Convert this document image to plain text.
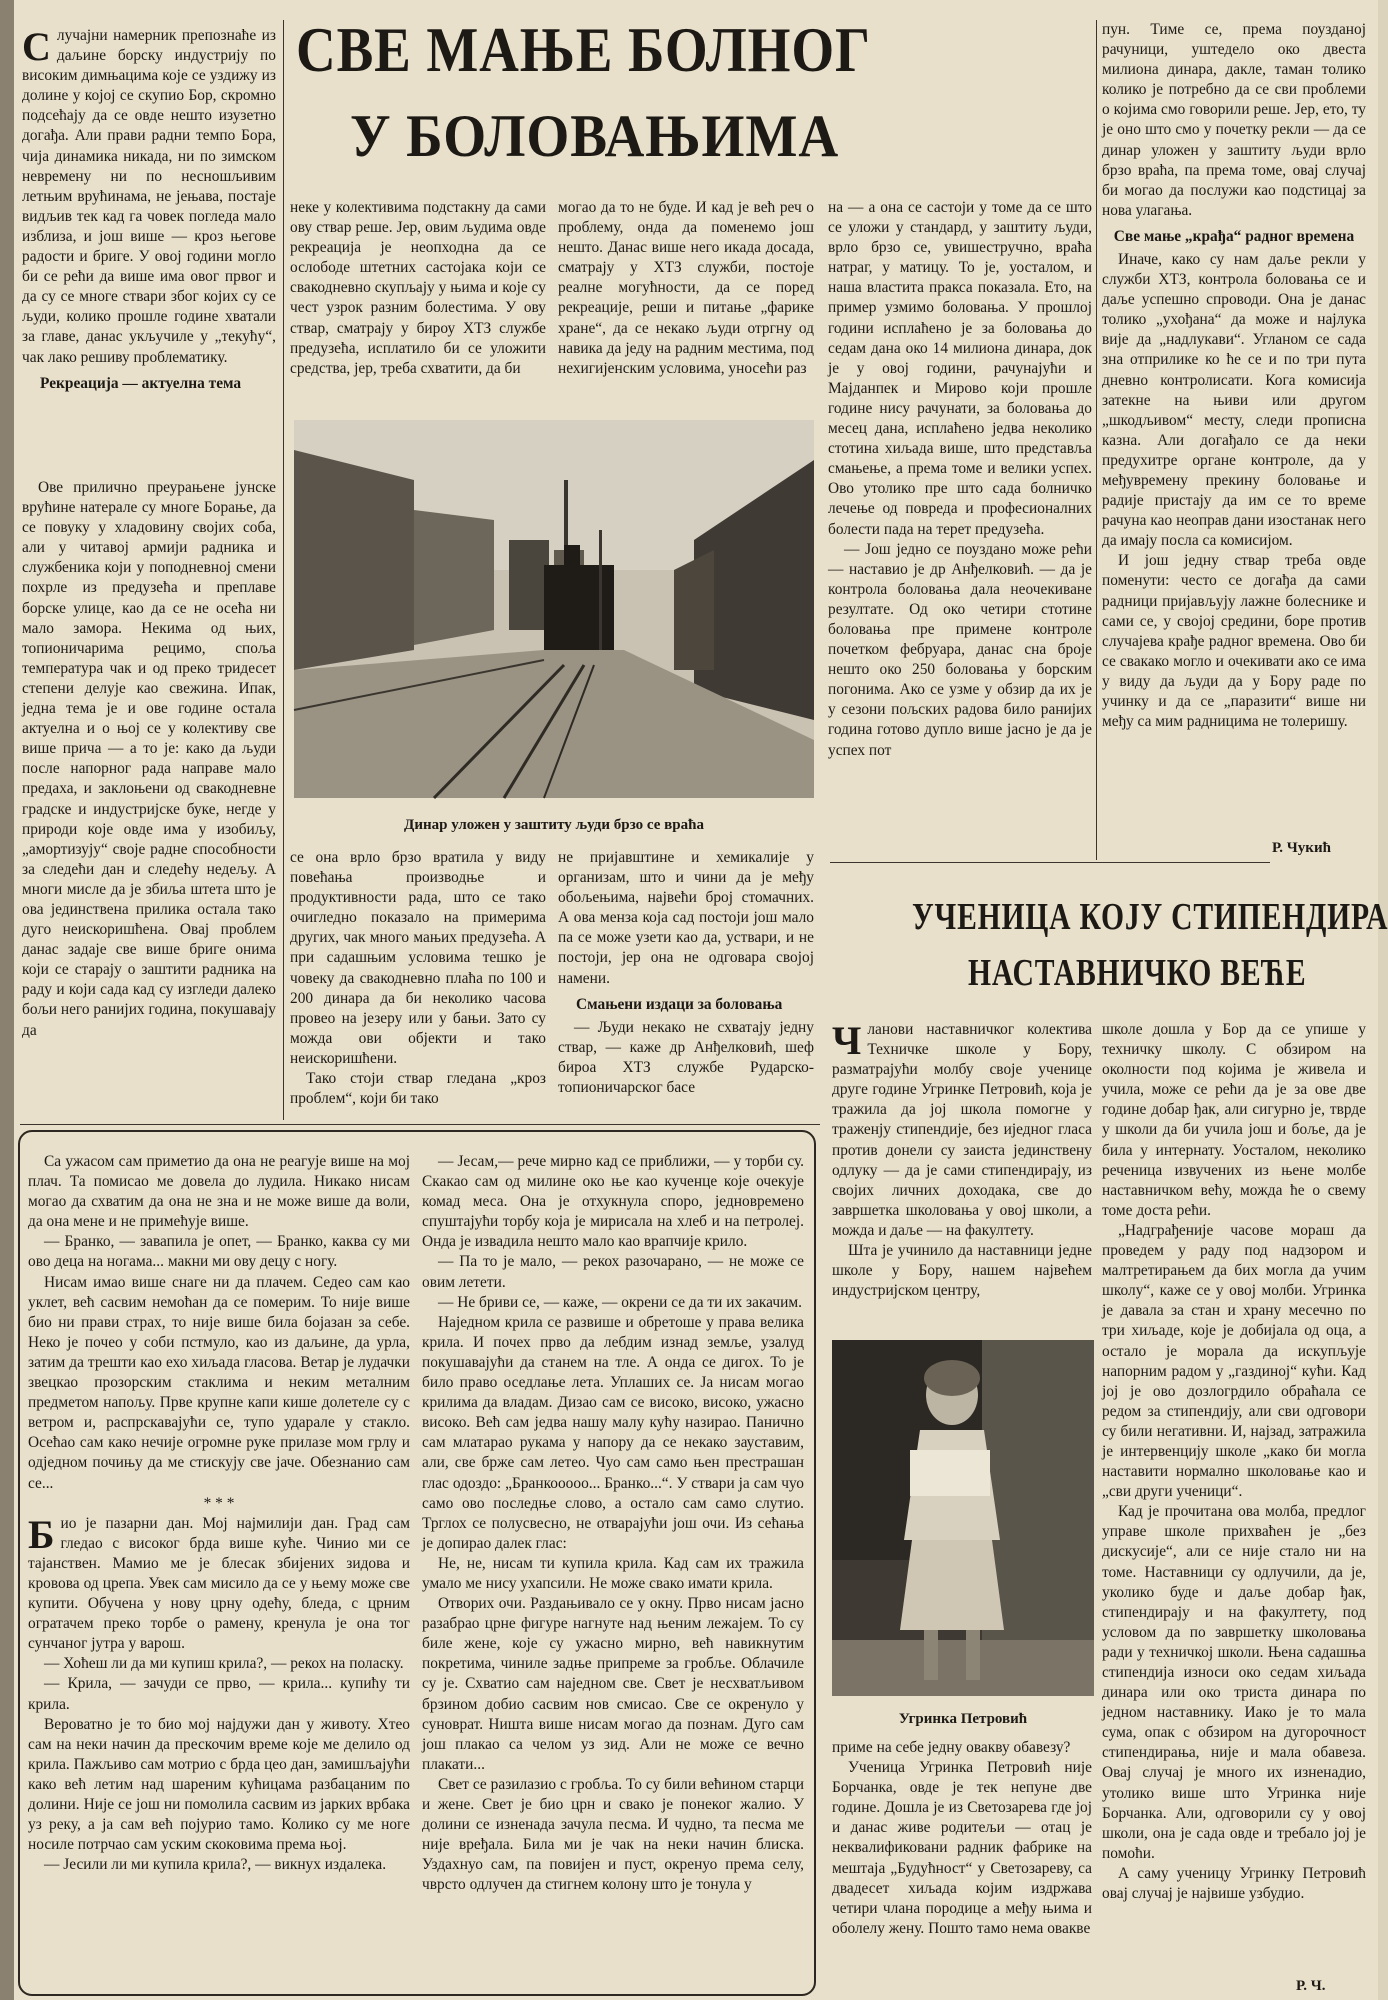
С лучајни намерник препознаће из даљине борску индустрију по високим димњацима које се уздижу из долине у којој се скупио Бор, скромно подсећају да се овде нешто изузетно догађа. Али прави радни темпо Бора, чија динамика никада, ни по зимском невремену ни по несношљивим летњим врућинама, не јењава, постаје видљив тек кад га човек погледа мало изблиза, и још више — кроз његове радости и бриге. У овој години могло би се рећи да више има овог првог и да су се многе ствари због којих су се људи, колико прошле године хватали за главе, данас укључиле у „текућу“, чак лако решиву проблематику.
Рекреација — актуелна тема

Ове прилично преурањене јунске врућине натерале су многе Борање, да се повуку у хладовину својих соба, али у читавој армији радника и службеника који у поподневној смени похрле из предузећа и преплаве борске улице, као да се не осећа ни мало замора. Некима од њих, топионичарима рецимо, споља температура чак и од преко тридесет степени делује као свежина. Ипак, једна тема је и ове године остала актуелна и о њој се у колективу све више прича — а то је: како да људи после напорног рада направе мало предаха, и заклоњени од свакодневне градске и индустријске буке, негде у природи које овде има у изобиљу, „амортизују“ своје радне способности за следећи дан и следећу недељу. А многи мисле да је збиља штета што је ова јединствена прилика остала тако дуго неискоришћена. Овај проблем данас задаје све више бриге онима који се старају о заштити радника на раду и који сада кад су изгледи далеко бољи него ранијих година, покушавају да

СВЕ МАЊЕ БОЛНОГ
У БОЛОВАЊИМА

неке у колективима подстакну да сами ову ствар реше. Јер, овим људима овде рекреација је неопходна да се ослободе штетних састојака који се свакодневно скупљају у њима и које су чест узрок разним болестима. У ову ствар, сматрају у бироу ХТЗ службе предузећа, исплатило би се уложити средства, јер, треба схватити, да би

могао да то не буде. И кад је већ реч о проблему, онда да поменемо још нешто. Данас више него икада досада, сматрају у ХТЗ служби, постоје реалне могућности, да се поред рекреације, реши и питање „фарике хране“, да се некако људи отргну од навика да једу на радним местима, под нехигијенским условима, уносећи раз

на — а она се састоји у томе да се што се уложи у стандард, у заштиту људи, врло брзо се, увишестручно, враћа натраг, у матицу. То је, уосталом, и наша властита пракса показала. Ето, на пример узмимо боловања. У прошлој години исплаћено је за боловања до седам дана око 14 милиона динара, док је у овој години, рачунајући и Мајданпек и Мирово који прошле године нису рачунати, за боловања до месец дана, исплаћено једва неколико стотина хиљада више, што представља смањење, а према томе и велики успех. Ово утолико пре што сада болничко лечење од повреда и професионалних болести пада на терет предузећа.

— Још једно се поуздано може рећи — наставио је др Анђелковић. — да је контрола боловања дала неочекиване резултате. Од око четири стотине боловања пре примене контроле почетком фебруара, данас сна броје нешто око 250 боловања у борским погонима. Ако се узме у обзир да их је у сезони пољских радова било ранијих година готово дупло више јасно је да је успех пот

пун. Тиме се, према поузданој рачуници, уштедело око двеста милиона динара, дакле, таман толико колико је потребно да се сви проблеми о којима смо говорили реше. Јер, ето, ту је оно што смо у почетку рекли — да се динар уложен у заштиту људи врло брзо враћа, па према томе, овај случај би могао да послужи као подстицај за нова улагања.

Све мање „крађа“ радног времена

Иначе, како су нам даље рекли у служби ХТЗ, контрола боловања се и даље успешно спроводи. Она је данас толико „ухођана“ да може и најлука вије да „надлукави“. Угланом се сада зна отприлике ко ће се и по три пута дневно контролисати. Кога комисија затекне на њиви или другом „шкодљивом“ месту, следи прописна казна. Али догађало се да неки предухитре органе контроле, да у међувремену прекину боловање и радије пристају да им се то време рачуна као неоправ дани изостанак него да имају посла са комисијом.

И још једну ствар треба овде поменути: често се догађа да сами радници пријављују лажне болеснике и сами се, у својој средини, боре против случајева крађе радног времена. Ово би се свакако могло и очекивати ако се има у виду да људи да у Бору раде по учинку и да се „паразити“ више ни међу са мим радницима не толеришу.

Р. Чукић
Динар уложен у заштиту људи брзо се враћа

се она врло брзо вратила у виду повећања производње и продуктивности рада, што се тако очигледно показало на примерима других, чак много мањих предузећа. А при садашњим условима тешко је човеку да свакодневно плаћа по 100 и 200 динара да би неколико часова провео на језеру или у бањи. Зато су можда ови објекти и тако неискоришћени.

Тако стоји ствар гледана „кроз проблем“, који би тако

не пријавштине и хемикалије у организам, што и чини да је међу обољењима, највећи број стомачних. А ова менза која сад постоји још мало па се може узети као да, уствари, и не постоји, јер она не одговара својој намени.

Смањени издаци за боловања

— Људи некако не схватају једну ствар, — каже др Анђелковић, шеф бироа ХТЗ службе Рударско-топионичарског басе

УЧЕНИЦА КОЈУ СТИПЕНДИРА
НАСТАВНИЧКО ВЕЋЕ
Ч ланови наставничког колектива Техничке школе у Бору, разматрајући молбу своје ученице друге године Угринке Петровић, која је тражила да јој школа помогне у траженју стипендије, без иједног гласа против донели су заиста јединствену одлуку — да је сами стипендирају, из својих личних доходака, све до завршетка школовања у овој школи, а можда и даље — на факултету.

Шта је учинило да наставници једне школе у Бору, нашем највећем индустријском центру,

Угринка Петровић

приме на себе једну овакву обавезу?

Ученица Угринка Петровић није Борчанка, овде је тек непуне две године. Дошла је из Светозарева где јој и данас живе родитељи — отац је неквалификовани радник фабрике на мештаја „Будућност“ у Светозареву, са двадесет хиљада којим издржава четири члана породице а међу њима и оболелу жену. Пошто тамо нема овакве

школе дошла у Бор да се упише у техничку школу. С обзиром на околности под којима је живела и учила, може се рећи да је за ове две године добар ђак, али сигурно је, тврде у школи да би учила још и боље, да је била у интернату. Уосталом, неколико реченица извучених из њене молбе наставничком већу, можда ће о свему томе доста рећи.

„Надграђеније часове мораш да проведем у раду под надзором и малтретирањем да бих могла да учим школу“, каже се у овој молби. Угринка је давала за стан и храну месечно по три хиљаде, које је добијала од оца, а остало је морала да искупљује напорним радом у „газдиној“ кући. Кад јој је ово дозлогрдило обраћала се редом за стипендију, али сви одговори су били негативни. И, најзад, затражила је интервенцију школе „како би могла наставити нормално школовање као и „сви други ученици“.

Кад је прочитана ова молба, предлог управе школе прихваћен је „без дискусије“, али се није стало ни на томе. Наставници су одлучили, да је, уколико буде и даље добар ђак, стипендирају и на факултету, под условом да по завршетку школовања ради у техничкој школи. Њена садашња стипендија износи око седам хиљада динара или око триста динара по једном наставнику. Иако је то мала сума, опак с обзиром на дугорочност стипендирања, није и мала обавеза. Овај случај је много их изненадио, утолико више што Угринка није Борчанка. Али, одговорили су у овој школи, она је сада овде и требало јој је помоћи.

А саму ученицу Угринку Петровић овај случај је највише узбудио.

Р. Ч.

Са ужасом сам приметио да она не реагује више на мој плач. Та помисао ме довела до лудила. Никако нисам могао да схватим да она не зна и не може више да воли, да она мене и не примећује више.

— Бранко, — завапила је опет, — Бранко, каква су ми ово деца на ногама... макни ми ову децу с ногу.

Нисам имао више снаге ни да плачем. Седео сам као уклет, већ сасвим немоћан да се померим. То није више био ни прави страх, то није више била бојазан за себе. Неко је почео у соби пстмуло, као из даљине, да урла, затим да трешти као ехо хиљада гласова. Ветар је лудачки звецкао прозорским стаклима и неким металним предметом напољу. Прве крупне капи кише долетеле су с ветром и, распрскавајући се, тупо ударале у стакло. Осећао сам како нечије огромне руке прилазе мом грлу и одједном почињу да ме стискују све јаче. Обезнанио сам се...

* * *

Био је пазарни дан. Мој најмилији дан. Град сам гледао с високог брда више куће. Чинио ми се тајанствен. Мамио ме је блесак збијених зидова и кровова од црепа. Увек сам мисило да се у њему може све купити. Обучена у нову црну одећу, бледа, с црним огратачем преко торбе о рамену, кренула је она тог сунчаног јутра у варош.

— Хоћеш ли да ми купиш крила?, — рекох на поласку.

— Крила, — зачуди се прво, — крила... купићу ти крила.

Вероватно је то био мој најдужи дан у животу. Хтео сам на неки начин да прескочим време које ме делило од крила. Пажљиво сам мотрио с брда цео дан, замишљајући како већ летим над шареним кућицама разбацаним по долини. Није се још ни помолила сасвим из јарких врбака уз реку, а ја сам већ појурио тамо. Колико су ме ноге носиле потрчао сам уским скоковима према њој.

— Јесили ли ми купила крила?, — викнух издалека.

— Јесам,— рече мирно кад се приближи, — у торби су. Скакао сам од милине око ње као кученце које очекује комад меса. Она је отхукнула споро, једновремено спуштајући торбу која је мирисала на хлеб и на петролеј. Онда је извадила нешто мало као врапчије крило.

— Па то је мало, — рекох разочарано, — не може се овим летети.

— Не бриви се, — каже, — окрени се да ти их закачим.

Наједном крила се развише и обретоше у права велика крила. И почех прво да лебдим изнад земље, узалуд покушавајући да станем на тле. А онда се дигох. То је било право оседлање лета. Уплаших се. Ја нисам могао крилима да владам. Дизао сам се високо, високо, ужасно високо. Већ сам једва нашу малу кућу назирао. Панично сам млатарао рукама у напору да се некако зауставим, али, све брже сам летео. Чуо сам само њен престрашан глас одоздо: „Бранкооооо... Бранко...“. У ствари ја сам чуо само ово последње слово, а остало сам само слутио. Трглох се полусвесно, не отварајући још очи. Из сећања је допирао далек глас:

Не, не, нисам ти купила крила. Кад сам их тражила умало ме нису ухапсили. Не може свако имати крила.

Отворих очи. Раздањивало се у окну. Прво нисам јасно разабрао црне фигуре нагнуте над њеним лежајем. То су биле жене, које су ужасно мирно, већ навикнутим покретима, чиниле задње припреме за гробље. Облачиле су је. Схватио сам наједном све. Свет је несхватљивом брзином добио сасвим нов смисао. Све се окренуло у суноврат. Ништа више нисам могао да познам. Дуго сам још плакао са челом уз зид. Али не може се вечно плакати...

Свет се разилазио с гробља. То су били већином старци и жене. Свет је био црн и свако је понеког жалио. У долини се изненада зачула песма. И чудно, та песма ме није вређала. Била ми је чак на неки начин блиска. Уздахнуо сам, па повијен и пуст, окренуо према селу, чврсто одлучен да стигнем колону што је тонула у
